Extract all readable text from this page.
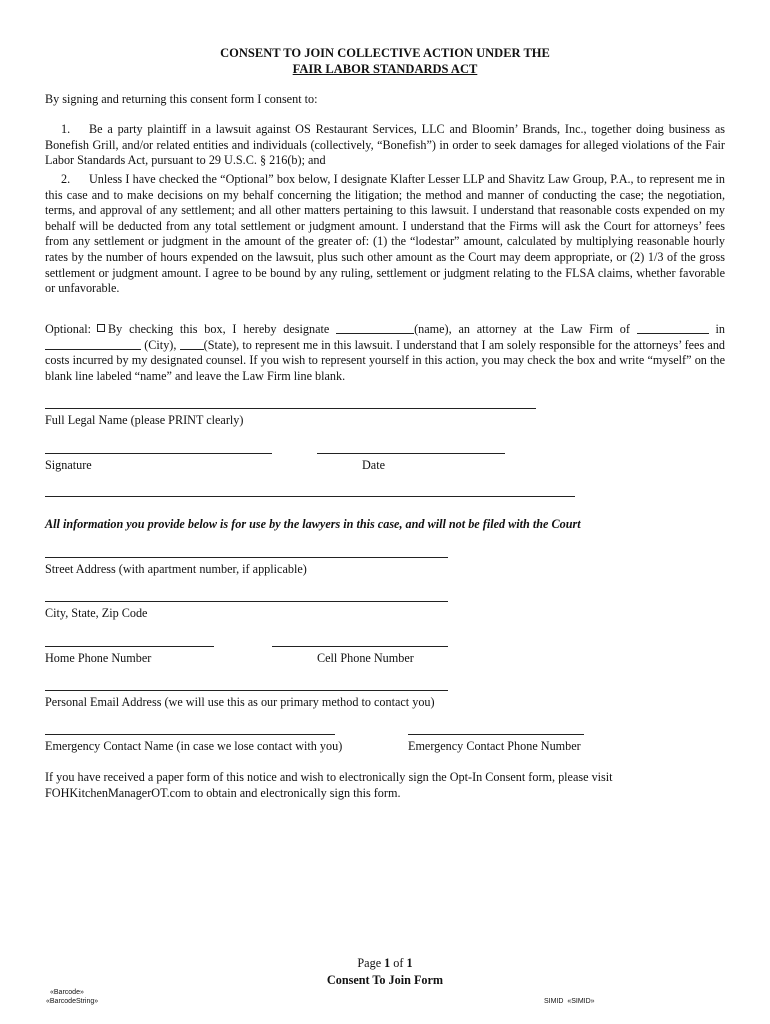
CONSENT TO JOIN COLLECTIVE ACTION UNDER THE
FAIR LABOR STANDARDS ACT
By signing and returning this consent form I consent to:
1. Be a party plaintiff in a lawsuit against OS Restaurant Services, LLC and Bloomin’ Brands, Inc., together doing business as Bonefish Grill, and/or related entities and individuals (collectively, “Bonefish”) in order to seek damages for alleged violations of the Fair Labor Standards Act, pursuant to 29 U.S.C. § 216(b); and
2. Unless I have checked the “Optional” box below, I designate Klafter Lesser LLP and Shavitz Law Group, P.A., to represent me in this case and to make decisions on my behalf concerning the litigation; the method and manner of conducting the case; the negotiation, terms, and approval of any settlement; and all other matters pertaining to this lawsuit. I understand that reasonable costs expended on my behalf will be deducted from any total settlement or judgment amount. I understand that the Firms will ask the Court for attorneys’ fees from any settlement or judgment in the amount of the greater of: (1) the “lodestar” amount, calculated by multiplying reasonable hourly rates by the number of hours expended on the lawsuit, plus such other amount as the Court may deem appropriate, or (2) 1/3 of the gross settlement or judgment amount. I agree to be bound by any ruling, settlement or judgment relating to the FLSA claims, whether favorable or unfavorable.
Optional: By checking this box, I hereby designate	(name), an attorney at the Law Firm of	in  (City), (State), to represent me in this lawsuit. I understand that I am solely responsible for the attorneys’ fees and costs incurred by my designated counsel. If you wish to represent yourself in this action, you may check the box and write “myself” on the blank line labeled “name” and leave the Law Firm line blank.
Full Legal Name (please PRINT clearly)
Signature	Date
All information you provide below is for use by the lawyers in this case, and will not be filed with the Court
Street Address (with apartment number, if applicable)
City, State, Zip Code
Home Phone Number	Cell Phone Number
Personal Email Address (we will use this as our primary method to contact you)
Emergency Contact Name (in case we lose contact with you)	Emergency Contact Phone Number
If you have received a paper form of this notice and wish to electronically sign the Opt-In Consent form, please visit
FOHKitchenManagerOT.com to obtain and electronically sign this form.
Page 1 of 1
Consent To Join Form
«Barcode»
«BarcodeString»	SIMID «SIMID»
